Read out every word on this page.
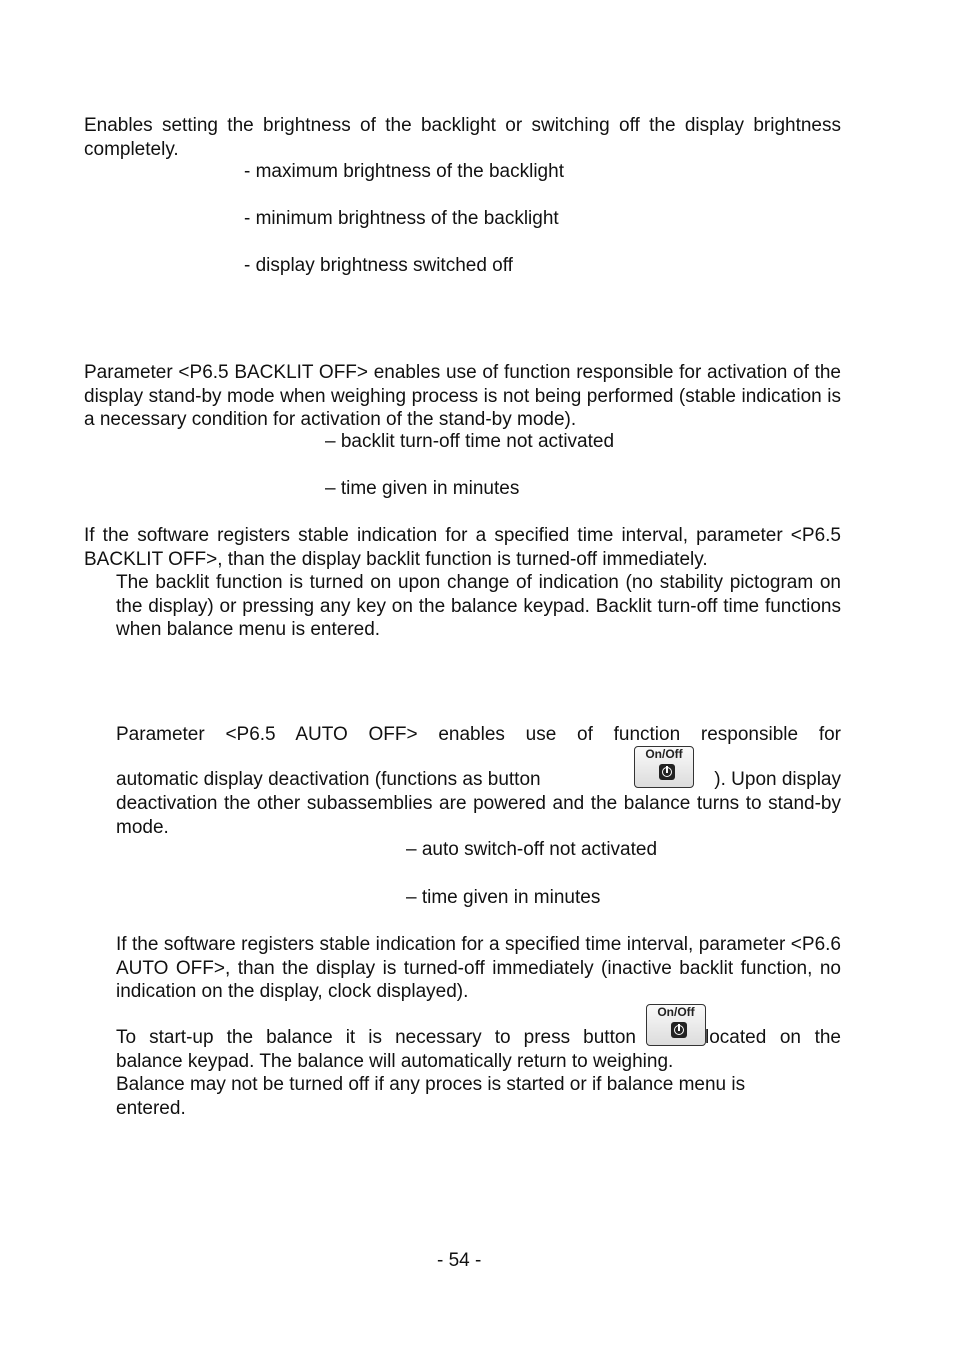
Enables setting the brightness of the backlight or switching off the display brightness completely.
- maximum brightness of the backlight
- minimum brightness of the backlight
- display brightness switched off
Parameter <P6.5 BACKLIT OFF> enables use of function responsible for activation of the display stand-by mode when weighing process is not being performed (stable indication is a necessary condition for activation of the stand-by mode).
– backlit turn-off time not activated
– time given in minutes
If the software registers stable indication for a specified time interval, parameter <P6.5 BACKLIT OFF>, than the display backlit function is turned-off immediately.
The backlit function is turned on upon change of indication (no stability pictogram on the display) or pressing any key on the balance keypad. Backlit turn-off time functions when balance menu is entered.
Parameter <P6.5 AUTO OFF> enables use of function responsible for
automatic display deactivation (functions as button
On/Off
). Upon display
deactivation the other subassemblies are powered and the balance turns to stand-by mode.
– auto switch-off not activated
– time given in minutes
If the software registers stable indication for a specified time interval, parameter <P6.6 AUTO OFF>, than the display is turned-off immediately (inactive backlit function, no indication on the display, clock displayed).
To start-up the balance it is necessary to press button
On/Off
located on the
balance keypad. The balance will automatically return to weighing.
Balance may not be turned off if any proces is started or if balance menu is
entered.
- 54 -
